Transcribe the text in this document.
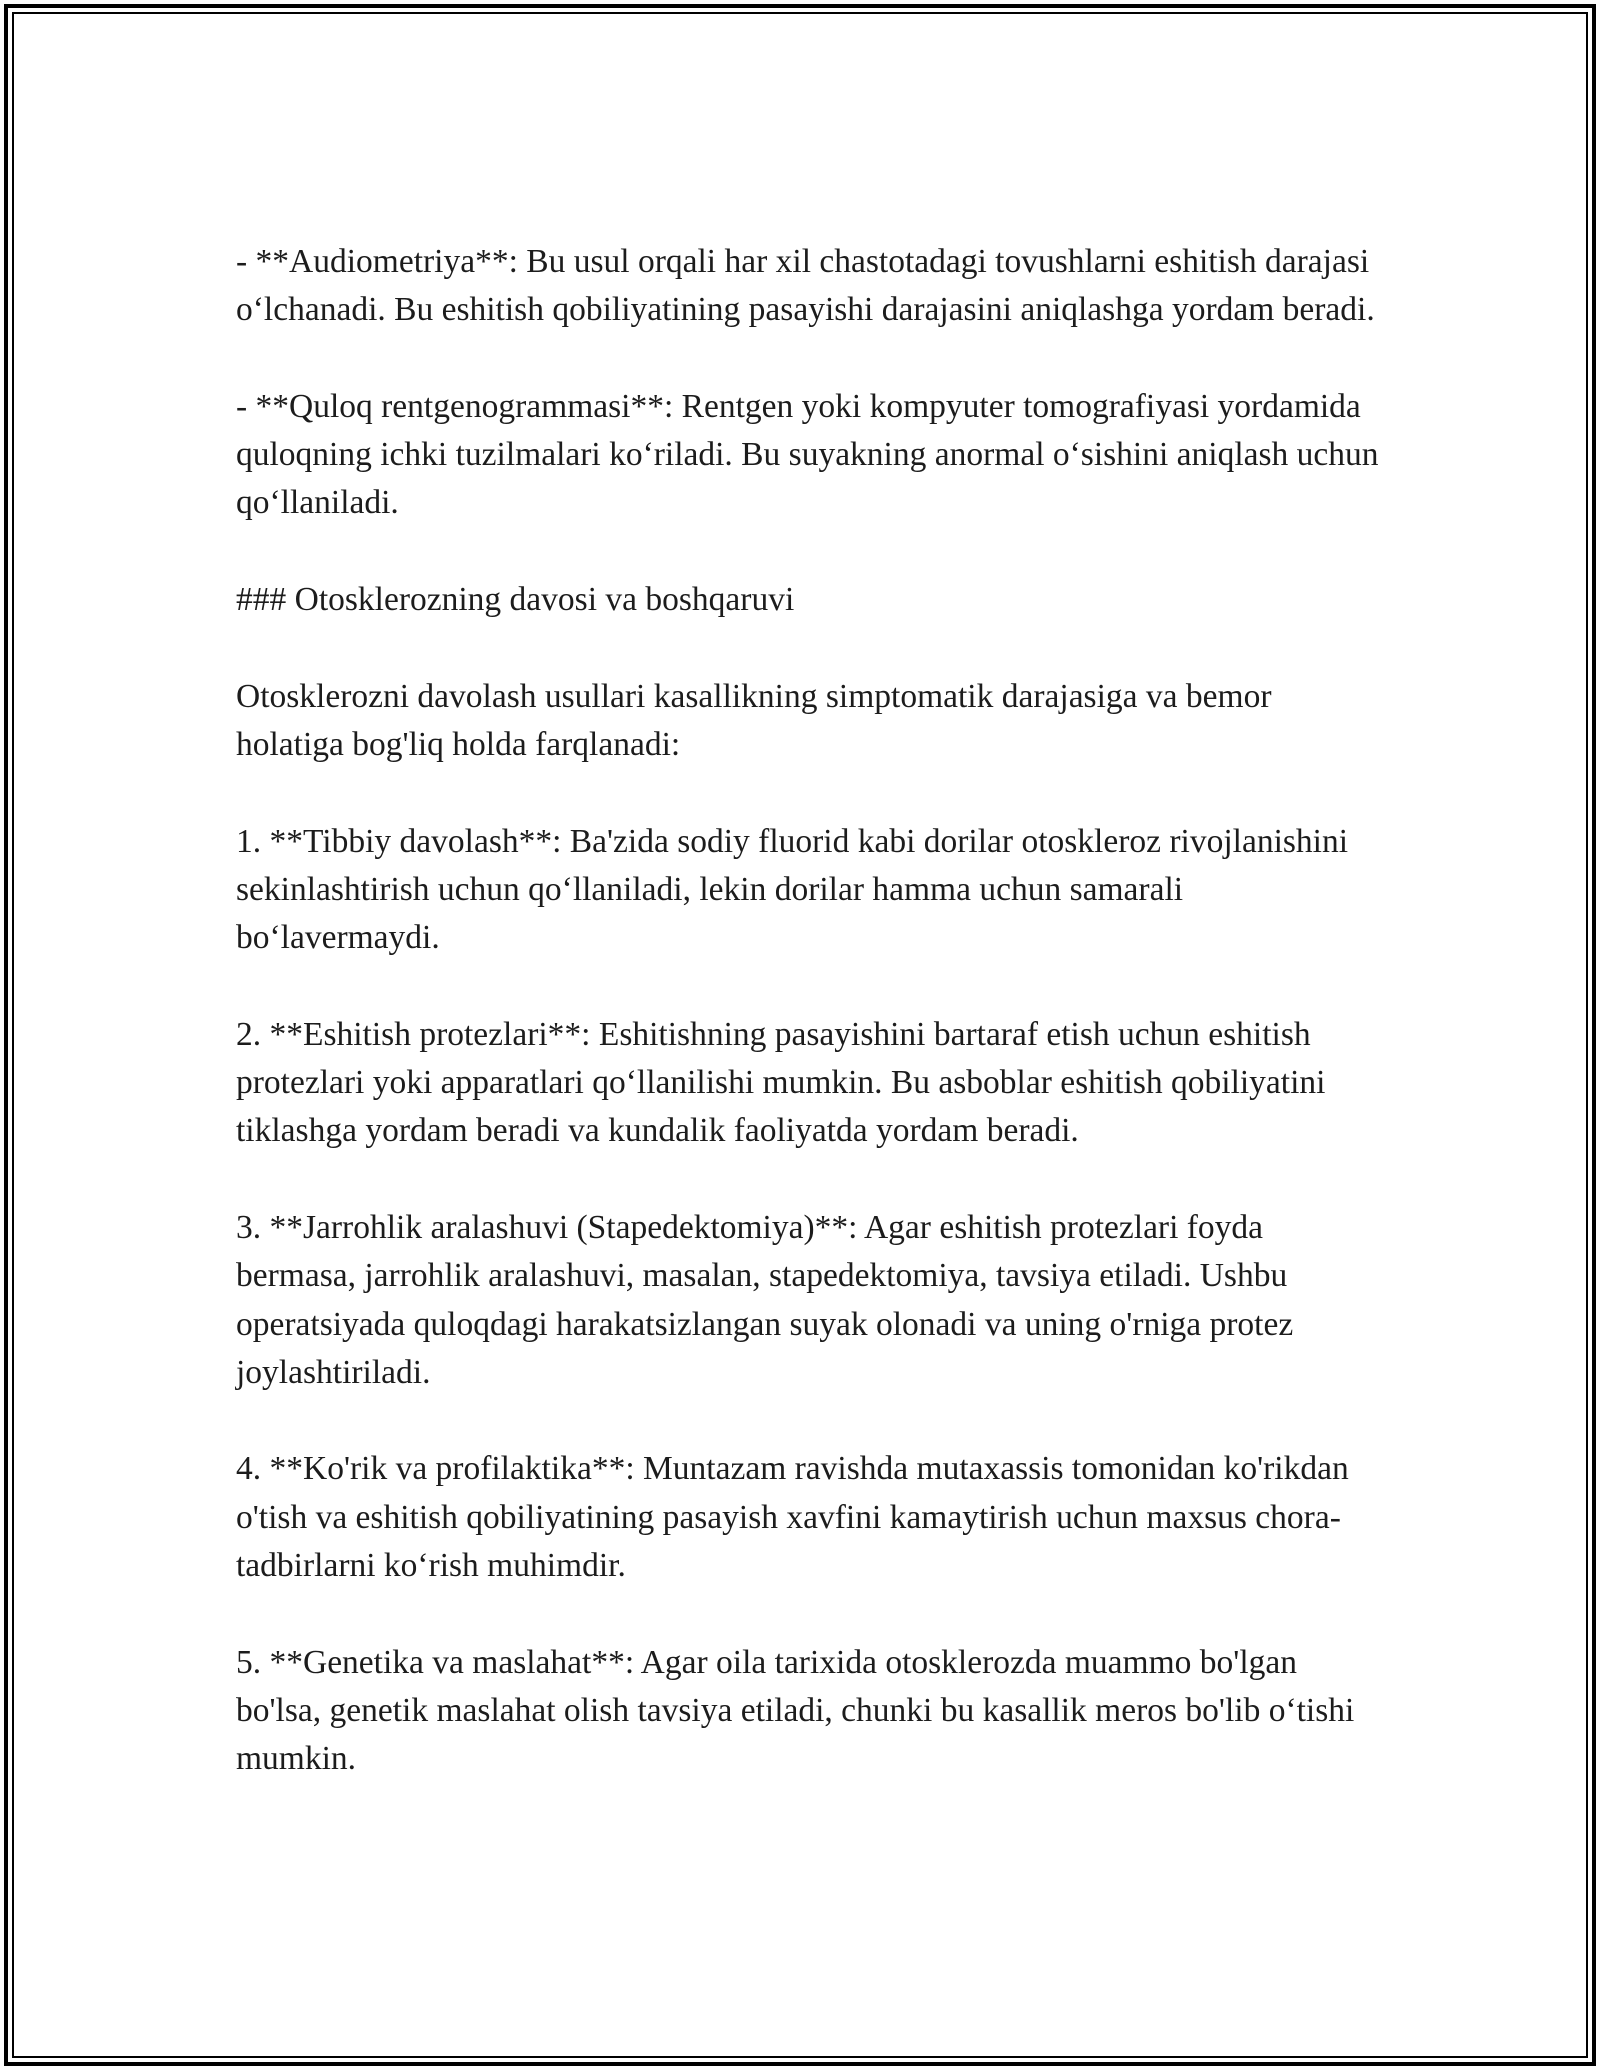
- **Audiometriya**: Bu usul orqali har xil chastotadagi tovushlarni eshitish darajasi o‘lchanadi. Bu eshitish qobiliyatining pasayishi darajasini aniqlashga yordam beradi.

- **Quloq rentgenogrammasi**: Rentgen yoki kompyuter tomografiyasi yordamida quloqning ichki tuzilmalari ko‘riladi. Bu suyakning anormal o‘sishini aniqlash uchun qo‘llaniladi.

### Otosklerozning davosi va boshqaruvi

Otosklerozni davolash usullari kasallikning simptomatik darajasiga va bemor holatiga bog'liq holda farqlanadi:

1. **Tibbiy davolash**: Ba'zida sodiy fluorid kabi dorilar otoskleroz rivojlanishini sekinlashtirish uchun qo‘llaniladi, lekin dorilar hamma uchun samarali bo‘lavermaydi.

2. **Eshitish protezlari**: Eshitishning pasayishini bartaraf etish uchun eshitish protezlari yoki apparatlari qo‘llanilishi mumkin. Bu asboblar eshitish qobiliyatini tiklashga yordam beradi va kundalik faoliyatda yordam beradi.

3. **Jarrohlik aralashuvi (Stapedektomiya)**: Agar eshitish protezlari foyda bermasa, jarrohlik aralashuvi, masalan, stapedektomiya, tavsiya etiladi. Ushbu operatsiyada quloqdagi harakatsizlangan suyak olonadi va uning o'rniga protez joylashtiriladi.

4. **Ko'rik va profilaktika**: Muntazam ravishda mutaxassis tomonidan ko'rikdan o'tish va eshitish qobiliyatining pasayish xavfini kamaytirish uchun maxsus chora-tadbirlarni ko‘rish muhimdir.

5. **Genetika va maslahat**: Agar oila tarixida otosklerozda muammo bo'lgan bo'lsa, genetik maslahat olish tavsiya etiladi, chunki bu kasallik meros bo'lib o‘tishi mumkin.
